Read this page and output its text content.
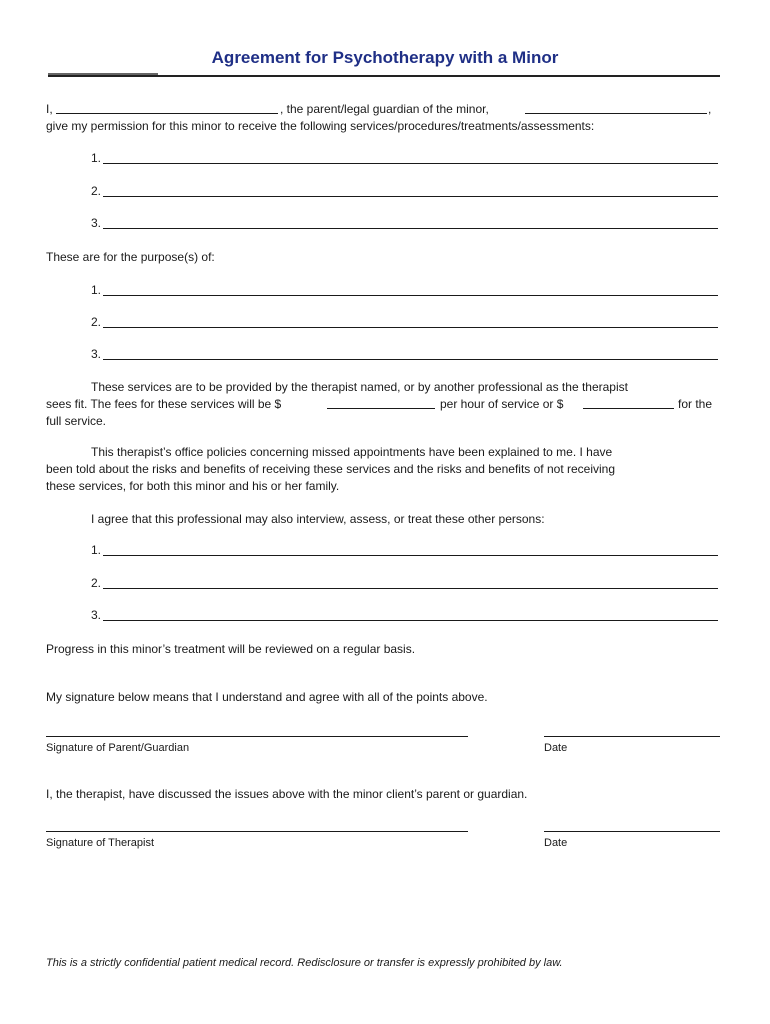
Agreement for Psychotherapy with a Minor
I,	, the parent/legal guardian of the minor,	,
give my permission for this minor to receive the following services/procedures/treatments/assessments:
1.
2.
3.
These are for the purpose(s) of:
1.
2.
3.
These services are to be provided by the therapist named, or by another professional as the therapist
sees fit. The fees for these services will be $	per hour of service or $	for the
full service.
This therapist’s office policies concerning missed appointments have been explained to me. I have
been told about the risks and benefits of receiving these services and the risks and benefits of not receiving
these services, for both this minor and his or her family.
I agree that this professional may also interview, assess, or treat these other persons:
1.
2.
3.
Progress in this minor’s treatment will be reviewed on a regular basis.
My signature below means that I understand and agree with all of the points above.
Signature of Parent/Guardian	Date
I, the therapist, have discussed the issues above with the minor client’s parent or guardian.
Signature of Therapist	Date
This is a strictly confidential patient medical record. Redisclosure or transfer is expressly prohibited by law.
